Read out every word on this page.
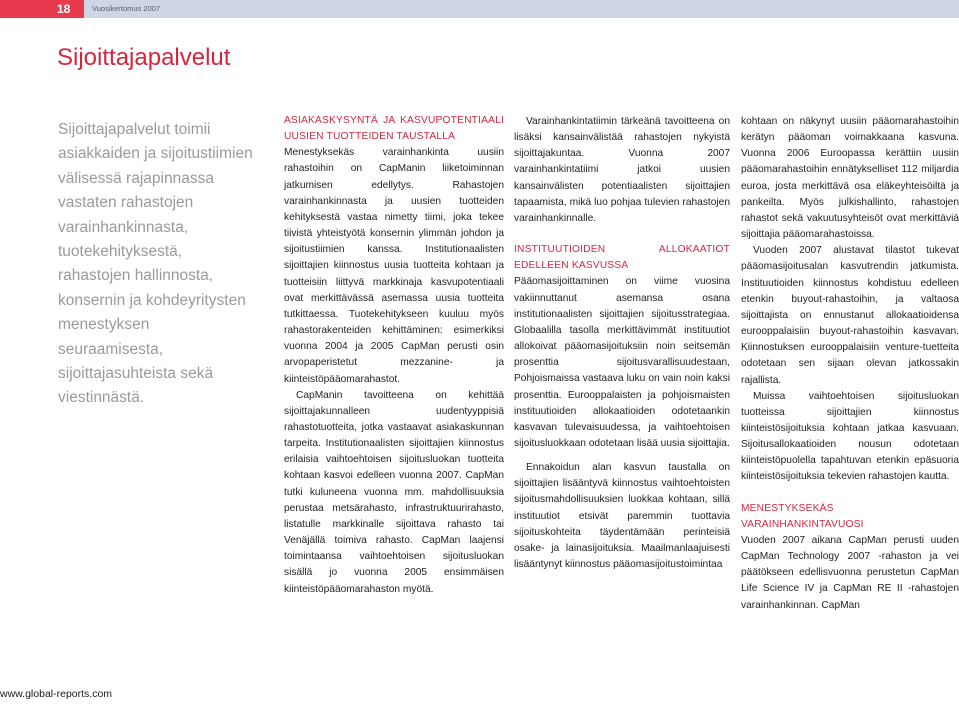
18	Vuosikertomus 2007
Sijoittajapalvelut

Sijoittajapalvelut toimii asiakkaiden ja sijoitustiimien välisessä rajapinnassa vastaten rahastojen varainhankinnasta, tuotekehityksestä, rahastojen hallinnosta, konsernin ja kohdeyritysten menestyksen seuraamisesta, sijoittajasuhteista sekä viestinnästä.

ASIAKASKYSYNTÄ JA KASVUPOTENTIAALI UUSIEN TUOTTEIDEN TAUSTALLA

Menestyksekäs varainhankinta uusiin rahastoihin on CapManin liiketoiminnan jatkumisen edellytys. Rahastojen varainhankinnasta ja uusien tuotteiden kehityksestä vastaa nimetty tiimi, joka tekee tiivistä yhteistyötä konsernin ylimmän johdon ja sijoitustiimien kanssa. Institutionaalisten sijoittajien kiinnostus uusia tuotteita kohtaan ja tuotteisiin liittyvä markkinaja kasvupotentiaali ovat merkittävässä asemassa uusia tuotteita tutkittaessa. Tuotekehitykseen kuuluu myös rahastorakenteiden kehittäminen: esimerkiksi vuonna 2004 ja 2005 CapMan perusti osin arvopaperistetut mezzanine- ja kiinteistöpääomarahastot.

CapManin tavoitteena on kehittää sijoittajakunnalleen uudentyyppisiä rahastotuotteita, jotka vastaavat asiakaskunnan tarpeita. Institutionaalisten sijoittajien kiinnostus erilaisia vaihtoehtoisen sijoitusluokan tuotteita kohtaan kasvoi edelleen vuonna 2007. CapMan tutki kuluneena vuonna mm. mahdollisuuksia perustaa metsärahasto, infrastruktuurirahasto, listatulle markkinalle sijoittava rahasto tai Venäjällä toimiva rahasto. CapMan laajensi toimintaansa vaihtoehtoisen sijoitusluokan sisällä jo vuonna 2005 ensimmäisen kiinteistöpääomarahaston myötä.

Varainhankintatiimin tärkeänä tavoitteena on lisäksi kansainvälistää rahastojen nykyistä sijoittajakuntaa. Vuonna 2007 varainhankintatiimi jatkoi uusien kansainvälisten potentiaalisten sijoittajien tapaamista, mikä luo pohjaa tulevien rahastojen varainhankinnalle.

INSTITUUTIOIDEN ALLOKAATIOT EDELLEEN KASVUSSA

Pääomasijoittaminen on viime vuosina vakiinnuttanut asemansa osana institutionaalisten sijoittajien sijoitusstrategiaa. Globaalilla tasolla merkittävimmät instituutiot allokoivat pääomasijoituksiin noin seitsemän prosenttia sijoitusvarallisuudestaan, Pohjoismaissa vastaava luku on vain noin kaksi prosenttia. Eurooppalaisten ja pohjoismaisten instituutioiden allokaatioiden odotetaankin kasvavan tulevaisuudessa, ja vaihtoehtoisen sijoitusluokkaan odotetaan lisää uusia sijoittajia.

Ennakoidun alan kasvun taustalla on sijoittajien lisääntyvä kiinnostus vaihtoehtoisten sijoitusmahdollisuuksien luokkaa kohtaan, sillä instituutiot etsivät paremmin tuottavia sijoituskohteita täydentämään perinteisiä osake- ja lainasijoituksia. Maailmanlaajuisesti lisääntynyt kiinnostus pääomasijoitustoimintaa

kohtaan on näkynyt uusiin pääomarahastoihin kerätyn pääoman voimakkaana kasvuna. Vuonna 2006 Euroopassa kerättiin uusiin pääomarahastoihin ennätykselliset 112 miljardia euroa, josta merkittävä osa eläkeyhteisöiltä ja pankeilta. Myös julkishallinto, rahastojen rahastot sekä vakuutusyhteisöt ovat merkittäviä sijoittajia pääomarahastoissa.

Vuoden 2007 alustavat tilastot tukevat pääomasijoitusalan kasvutrendin jatkumista. Instituutioiden kiinnostus kohdistuu edelleen etenkin buyout-rahastoihin, ja valtaosa sijoittajista on ennustanut allokaatioidensa eurooppalaisiin buyout-rahastoihin kasvavan. Kiinnostuksen eurooppalaisiin venture-tuetteita odotetaan sen sijaan olevan jatkossakin rajallista.

Muissa vaihtoehtoisen sijoitusluokan tuotteissa sijoittajien kiinnostus kiinteistösijoituksia kohtaan jatkaa kasvuaan. Sijoitusallokaatioiden nousun odotetaan kiinteistöpuolella tapahtuvan etenkin epäsuoria kiinteistösijoituksia tekevien rahastojen kautta.

MENESTYKSEKÄS VARAINHANKINTAVUOSI

Vuoden 2007 aikana CapMan perusti uuden CapMan Technology 2007 -rahaston ja vei päätökseen edellisvuonna perustetun CapMan Life Science IV ja CapMan RE II -rahastojen varainhankinnan. CapMan

www.global-reports.com
